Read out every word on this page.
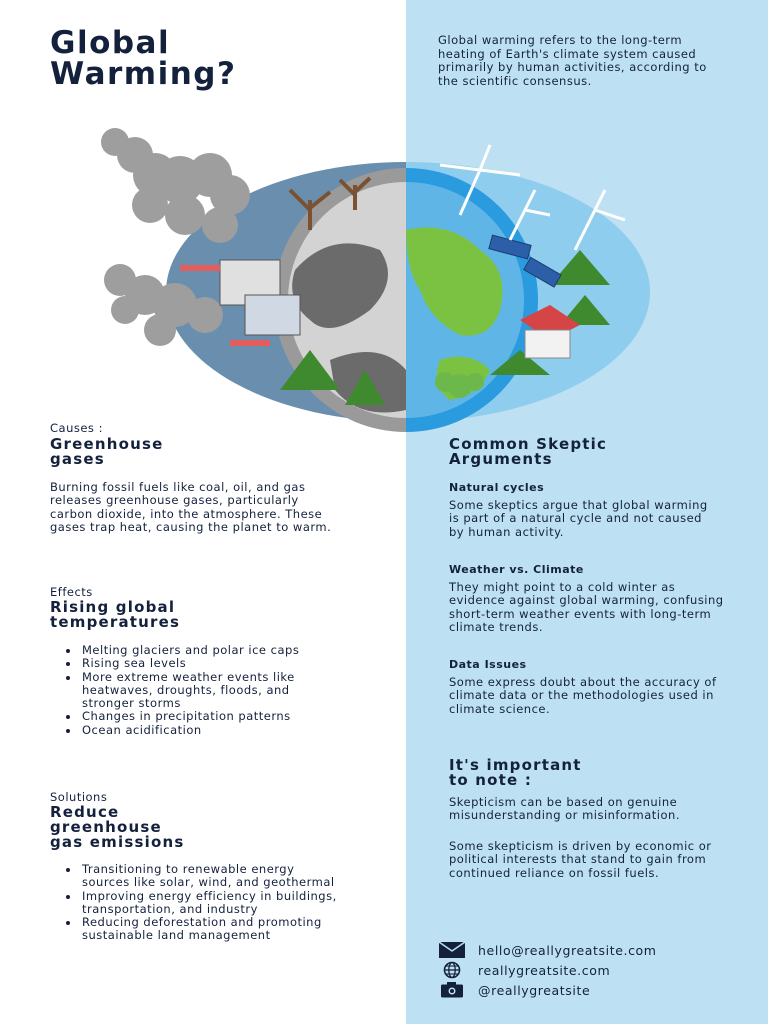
Global
Warming?

Global warming refers to the long-term heating of Earth's climate system caused primarily by human activities, according to the scientific consensus.

Causes :

Greenhouse
gases

Burning fossil fuels like coal, oil, and gas releases greenhouse gases, particularly carbon dioxide, into the atmosphere. These gases trap heat, causing the planet to warm.

Effects

Rising global
temperatures
• Melting glaciers and polar ice caps
• Rising sea levels
• More extreme weather events like heatwaves, droughts, floods, and stronger storms
• Changes in precipitation patterns
• Ocean acidification

Solutions

Reduce
greenhouse
gas emissions
• Transitioning to renewable energy sources like solar, wind, and geothermal
• Improving energy efficiency in buildings, transportation, and industry
• Reducing deforestation and promoting sustainable land management
Common Skeptic
Arguments

Natural cycles

Some skeptics argue that global warming is part of a natural cycle and not caused by human activity.

Weather vs. Climate

They might point to a cold winter as evidence against global warming, confusing short-term weather events with long-term climate trends.

Data Issues

Some express doubt about the accuracy of climate data or the methodologies used in climate science.

It's important
to note :

Skepticism can be based on genuine misunderstanding or misinformation.

Some skepticism is driven by economic or political interests that stand to gain from continued reliance on fossil fuels.

hello@reallygreatsite.com
reallygreatsite.com
@reallygreatsite
